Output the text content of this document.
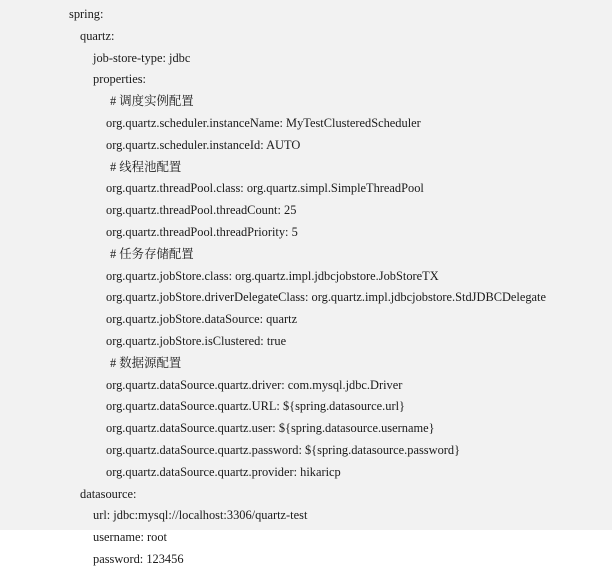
spring:
quartz:
job-store-type: jdbc
properties:
# 调度实例配置
org.quartz.scheduler.instanceName: MyTestClusteredScheduler
org.quartz.scheduler.instanceId: AUTO
# 线程池配置
org.quartz.threadPool.class: org.quartz.simpl.SimpleThreadPool
org.quartz.threadPool.threadCount: 25
org.quartz.threadPool.threadPriority: 5
# 任务存储配置
org.quartz.jobStore.class: org.quartz.impl.jdbcjobstore.JobStoreTX
org.quartz.jobStore.driverDelegateClass: org.quartz.impl.jdbcjobstore.StdJDBCDelegate
org.quartz.jobStore.dataSource: quartz
org.quartz.jobStore.isClustered: true
# 数据源配置
org.quartz.dataSource.quartz.driver: com.mysql.jdbc.Driver
org.quartz.dataSource.quartz.URL: ${spring.datasource.url}
org.quartz.dataSource.quartz.user: ${spring.datasource.username}
org.quartz.dataSource.quartz.password: ${spring.datasource.password}
org.quartz.dataSource.quartz.provider: hikaricp
datasource:
url: jdbc:mysql://localhost:3306/quartz-test
username: root
password: 123456
